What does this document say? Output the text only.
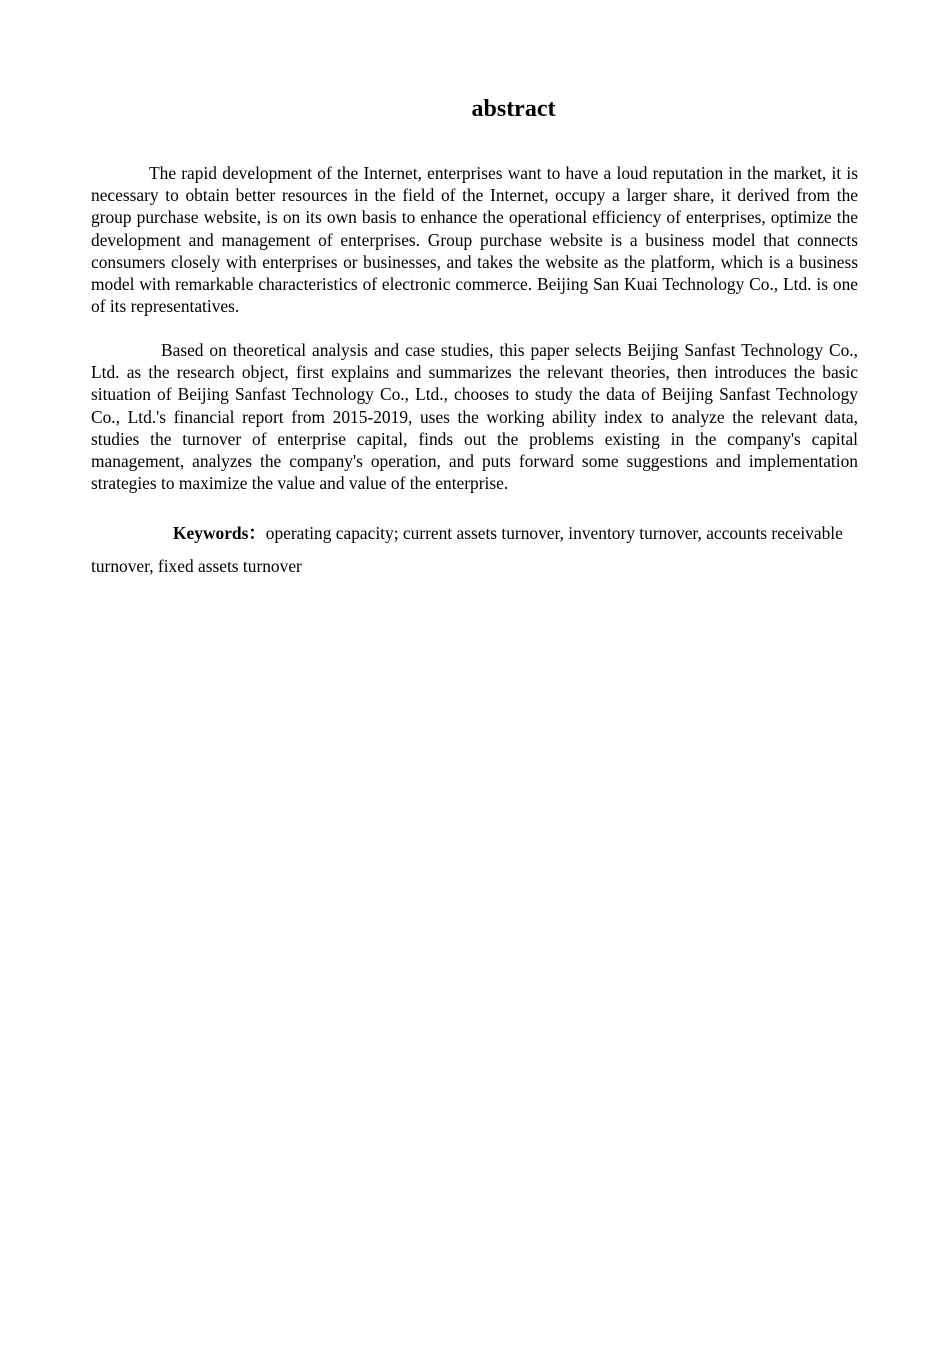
abstract

The rapid development of the Internet, enterprises want to have a loud reputation in the market, it is necessary to obtain better resources in the field of the Internet, occupy a larger share, it derived from the group purchase website, is on its own basis to enhance the operational efficiency of enterprises, optimize the development and management of enterprises. Group purchase website is a business model that connects consumers closely with enterprises or businesses, and takes the website as the platform, which is a business model with remarkable characteristics of electronic commerce. Beijing San Kuai Technology Co., Ltd. is one of its representatives.

Based on theoretical analysis and case studies, this paper selects Beijing Sanfast Technology Co., Ltd. as the research object, first explains and summarizes the relevant theories, then introduces the basic situation of Beijing Sanfast Technology Co., Ltd., chooses to study the data of Beijing Sanfast Technology Co., Ltd.'s financial report from 2015-2019, uses the working ability index to analyze the relevant data, studies the turnover of enterprise capital, finds out the problems existing in the company's capital management, analyzes the company's operation, and puts forward some suggestions and implementation strategies to maximize the value and value of the enterprise.

Keywords：operating capacity; current assets turnover, inventory turnover, accounts receivable turnover, fixed assets turnover
